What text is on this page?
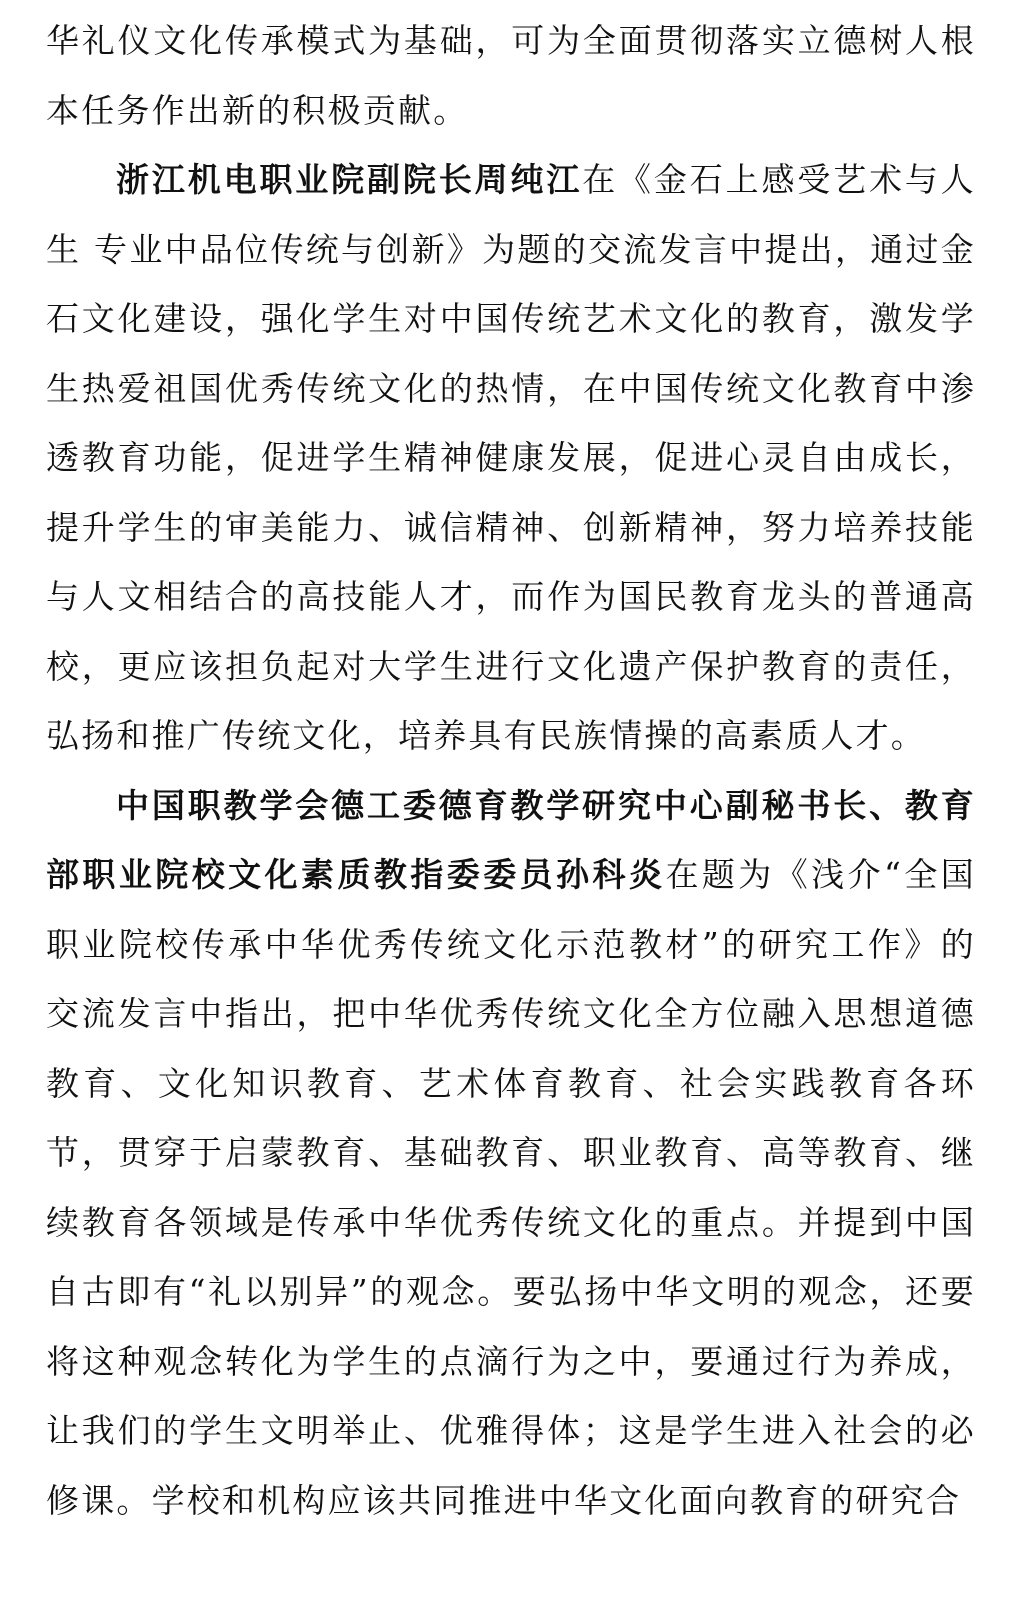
华礼仪文化传承模式为基础，可为全面贯彻落实立德树人根本任务作出新的积极贡献。

浙江机电职业院副院长周纯江在《金石上感受艺术与人生 专业中品位传统与创新》为题的交流发言中提出，通过金石文化建设，强化学生对中国传统艺术文化的教育，激发学生热爱祖国优秀传统文化的热情，在中国传统文化教育中渗透教育功能，促进学生精神健康发展，促进心灵自由成长，提升学生的审美能力、诚信精神、创新精神，努力培养技能与人文相结合的高技能人才，而作为国民教育龙头的普通高校，更应该担负起对大学生进行文化遗产保护教育的责任，弘扬和推广传统文化，培养具有民族情操的高素质人才。

中国职教学会德工委德育教学研究中心副秘书长、教育部职业院校文化素质教指委委员孙科炎在题为《浅介“全国职业院校传承中华优秀传统文化示范教材”的研究工作》的交流发言中指出，把中华优秀传统文化全方位融入思想道德教育、文化知识教育、艺术体育教育、社会实践教育各环节，贯穿于启蒙教育、基础教育、职业教育、高等教育、继续教育各领域是传承中华优秀传统文化的重点。并提到中国自古即有“礼以别异”的观念。要弘扬中华文明的观念，还要将这种观念转化为学生的点滴行为之中，要通过行为养成，让我们的学生文明举止、优雅得体；这是学生进入社会的必修课。学校和机构应该共同推进中华文化面向教育的研究合
